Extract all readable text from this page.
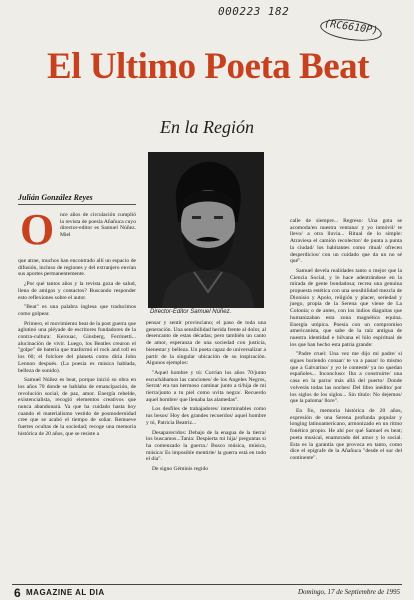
000223 182
(RC6610P)
El Ultimo Poeta Beat
En la Región
Director-Editor Samuel Núñez.
Julián González Reyes
O nce años de circulación cumplió la revista de poesía Añañuca cuyo director-editor es Samuel Núñez. Miel

que atrae, muchos han encontrado allí un espacio de difusión, incluso de regiones y del extranjero envían sus aportes permanentemente.

¿Por qué tantos años y la revista goza de salud, llena de amigos y contactos? Buscando responder esto reflexiones sobre el autor.

"Beat" es una palabra inglesa que traducimos como golpear.

Primero, el movimiento beat de la post guerra que aglutinó una pléyade de escritores fundadores de la contra-cultura: Kerouac, Ginsberg, Ferrinetti... alucinación de vivir. Luego, los Beatles crearon el "golpe" de batería que trasformó el rock and roll en los 60; el folclore del planeta como diría John Lennon después. (La poesía es música hablada, belleza de sonido).

Samuel Núñez es beat, porque inició su obra en los años 70 donde se hablaba de emancipación, de revolución social, de paz, amor. Energía rebelde, existencialista, recogió elementos creativos que nunca abandonará. Ya que ha cuidado hasta hoy cuando el materialismo vestido de posmodernidad cree que se acabó el tiempo de soñar. Remueve fuertes ocultas de la sociedad; recoge una memoria histórica de 20 años, que se resiste a

pensar y sentir provinciano; el paso de toda una generación. Una sensibilidad herida frente al dolor, al desencanto de estas décadas; pero también un canto de amor, esperanza de una sociedad con justicia, bienestar y belleza. Un poeta capaz de universalizar a partir de la singular ubicación de su inspiración. Algunos ejemplos:

"Aquel hombre y tú: Corrían los años 70/junto escuchábamos las canciones/ de los Angeles Negros, Serrat/ era tan hermoso caminar junto a ti/hija de mi tierra/junto a tu piel como uvita negra/. Recuerdo aquel hombre/ que llenaba las alamedas".

Los desfiles de trabajadores/ interminables como tus besos/ Hoy des grandes recuerdos/ aquel hombre y tú, Patricia Beatriz...

Desaparecidos: Debajo de la enagua de la tierra/ los buscamos...Tania: Despierta mi hija/ preguntas si ha comenzado la guerra./ Busco música, música, música/ Es imposible mentirle/ la guerra está en todo el día".

De signo Géminis regido

calle de siempre... Regreso: Una gota se acomoda/en nuestra ventana/ y yo inmóvil/ te llevo/ a otra lluvia... Ritual de lo simple: Atraviesa el camión recolector/ de punta a punta la ciudad/ los habitantes como ritual/ ofrecen desperdicios/ con un cuidado que da un no sé qué".

Samuel devela realidades tanto o mejor que la Ciencia Social, y lo hace adentrándose en la mirada de gente bondadosa; recrea una genuina propuesta estética con una sensibilidad mezcla de Dionisio y Apolo, religión y placer, seriedad y juego, propia de la Serena que viene de La Colonia; o de antes, con los indios diaguitas que humanizaban esta zona magnética equina. Energía utópica. Poesía con un compromiso americanista, que sabe de la raíz antigua de nuestra identidad e hilvana el hilo espiritual de los que han hecho esta patria grande:

"Padre cruel: Una vez me dijo mi padre/ si sigues buriendo conaar/ te va a pasar/ lo mismo que a Galvarino/ y yo le contesté/ ya no quedan españoles... Inconcluso: Iba a construirte/ una casa en la parra/ más allá del puerto/ Donde volverás todas las noches/ Del libro inédito/ por los siglos de los siglos... Sin título: No dejemos/ que la paloma/ llore".

En fin, memoria histórica de 20 años, expresión de una Serena profunda popular y longing latinoamericano, armonizado en un ritmo fonético propio. He ahí por qué Samuel es beat; poeta musical, enamorado del amor y lo social. Esta es la garantía que provoca en tanto, como dice el epígrafe de la Añañuca "desde el sur del continente".

6 MAGAZINE AL DIA	Domingo, 17 de Septiembre de 1995
